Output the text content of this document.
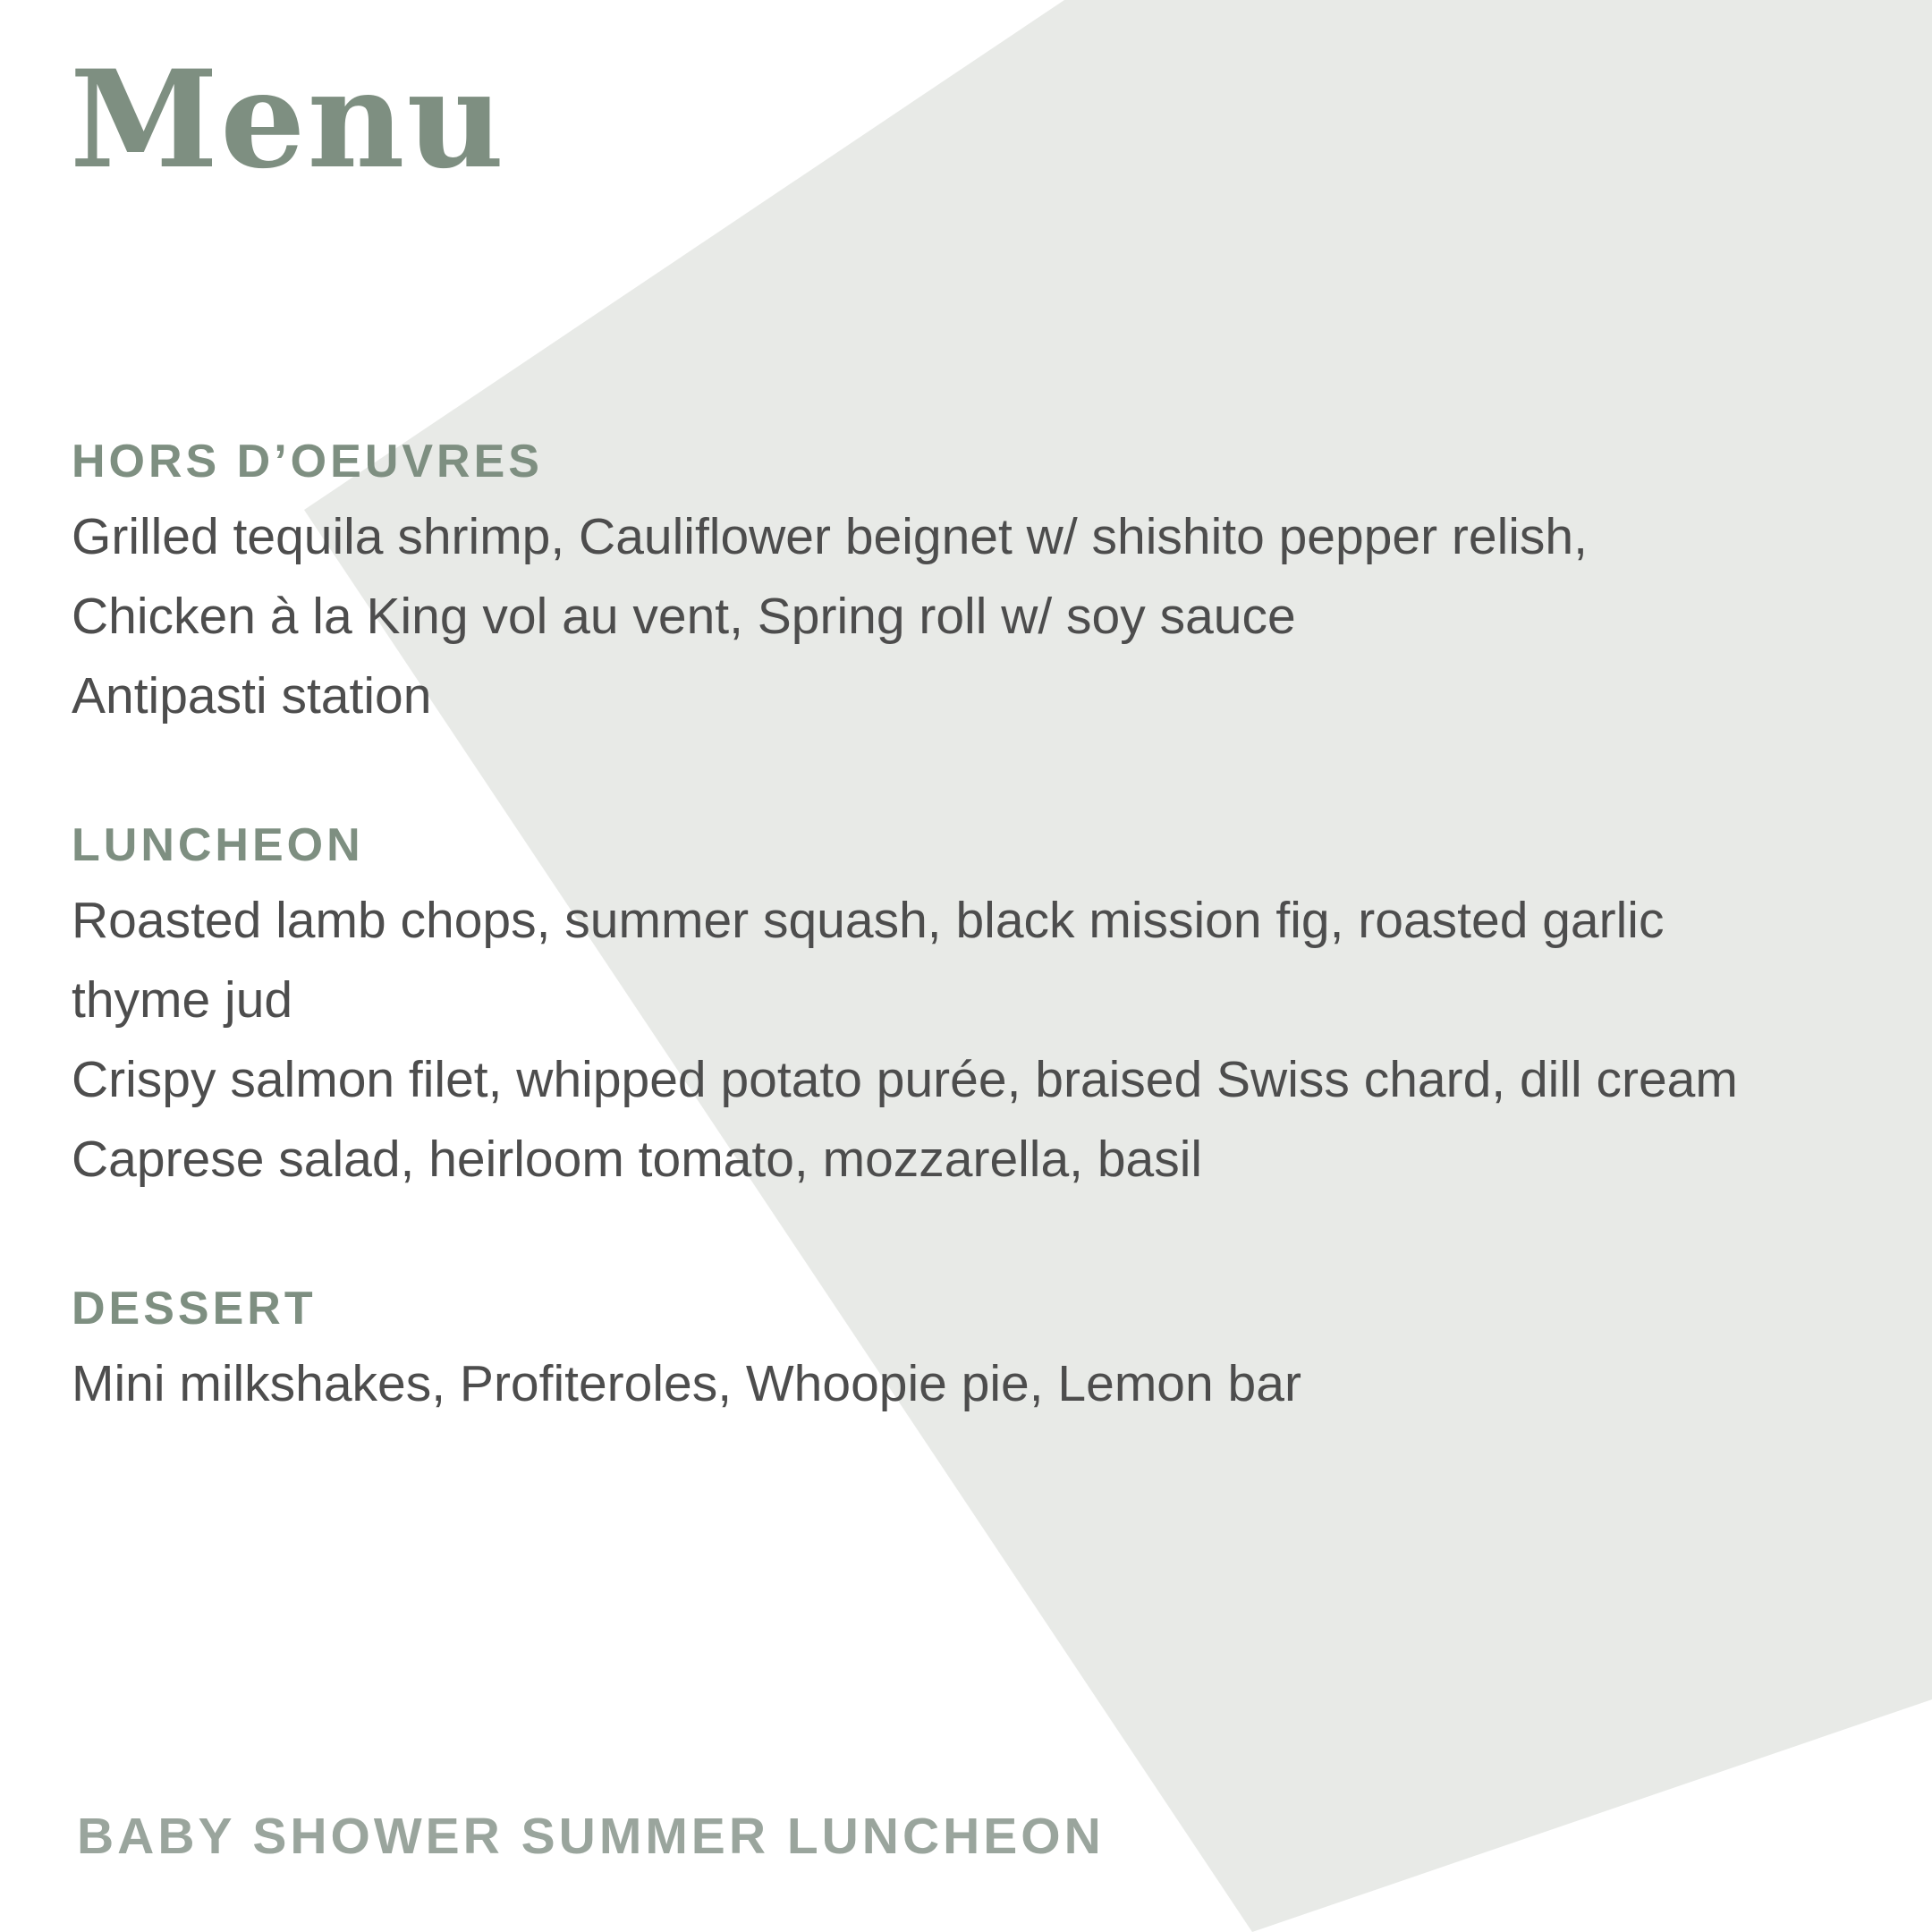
Menu
HORS D’OEUVRES

Grilled tequila shrimp, Cauliflower beignet w/ shishito pepper relish, Chicken à la King vol au vent, Spring roll w/ soy sauce

Antipasti station

LUNCHEON

Roasted lamb chops, summer squash, black mission fig, roasted garlic thyme jud

Crispy salmon filet, whipped potato purée, braised Swiss chard, dill cream

Caprese salad, heirloom tomato, mozzarella, basil

DESSERT

Mini milkshakes, Profiteroles, Whoopie pie, Lemon bar

BABY SHOWER SUMMER LUNCHEON
